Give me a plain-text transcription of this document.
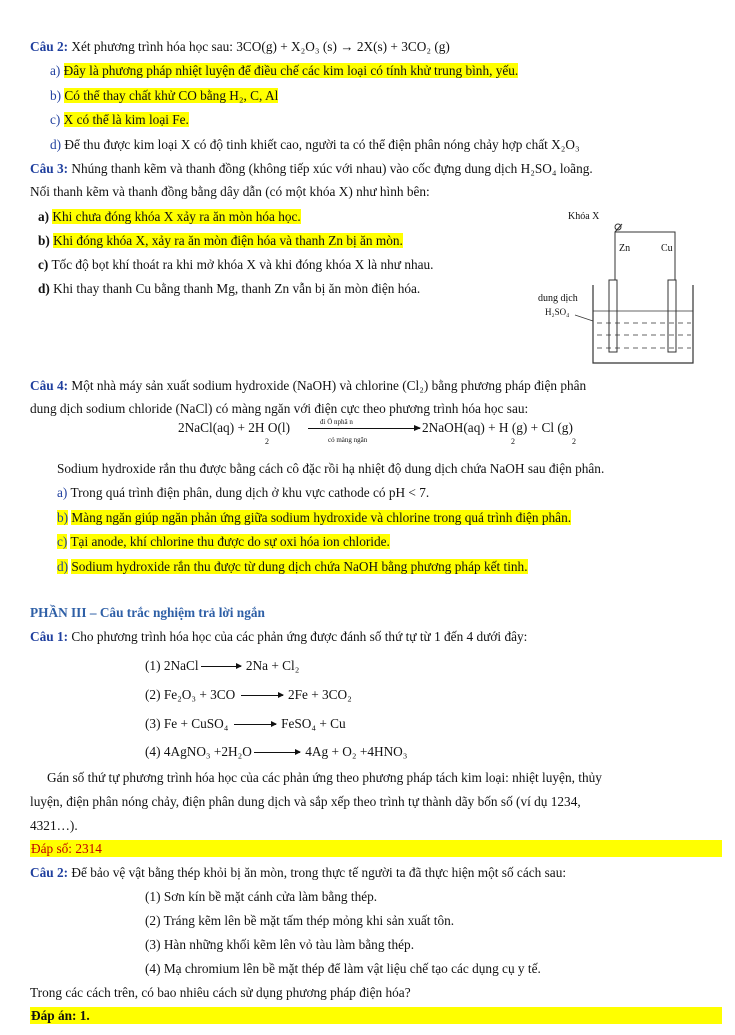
Câu 2: Xét phương trình hóa học sau: 3CO(g) + X₂O₃ (s) → 2X(s) + 3CO₂ (g)
a) Đây là phương pháp nhiệt luyện để điều chế các kim loại có tính khử trung bình, yếu.
b) Có thể thay chất khử CO bằng H₂, C, Al
c) X có thể là kim loại Fe.
d) Để thu được kim loại X có độ tinh khiết cao, người ta có thể điện phân nóng chảy hợp chất X₂O₃
Câu 3: Nhúng thanh kẽm và thanh đồng (không tiếp xúc với nhau) vào cốc đựng dung dịch H₂SO₄ loãng.
Nối thanh kẽm và thanh đồng bằng dây dẫn (có một khóa X) như hình bên:
a) Khi chưa đóng khóa X xảy ra ăn mòn hóa học.
b) Khi đóng khóa X, xảy ra ăn mòn điện hóa và thanh Zn bị ăn mòn.
c) Tốc độ bọt khí thoát ra khi mở khóa X và khi đóng khóa X là như nhau.
d) Khi thay thanh Cu bằng thanh Mg, thanh Zn vẫn bị ăn mòn điện hóa.
Khóa X
Zn	Cu
dung dịch
H₂SO₄
Câu 4: Một nhà máy sản xuất sodium hydroxide (NaOH) và chlorine (Cl₂) bằng phương pháp điện phân
dung dịch sodium chloride (NaCl) có màng ngăn với điện cực theo phương trình hóa học sau:
2NaCl(aq) + 2H O(l)
2
đi Ö nphâ n
có màng ngăn
2NaOH(aq) + H (g) + Cl (g)
2	2
Sodium hydroxide rắn thu được bằng cách cô đặc rồi hạ nhiệt độ dung dịch chứa NaOH sau điện phân.
a) Trong quá trình điện phân, dung dịch ở khu vực cathode có pH < 7.
b) Màng ngăn giúp ngăn phản ứng giữa sodium hydroxide và chlorine trong quá trình điện phân.
c) Tại anode, khí chlorine thu được do sự oxi hóa ion chloride.
d) Sodium hydroxide rắn thu được từ dung dịch chứa NaOH bằng phương pháp kết tinh.
PHẦN III – Câu trắc nghiệm trả lời ngắn
Câu 1: Cho phương trình hóa học của các phản ứng được đánh số thứ tự từ 1 đến 4 dưới đây:
(1) 2NaCl → 2Na + Cl₂
(2) Fe₂O₃ + 3CO → 2Fe + 3CO₂
(3) Fe + CuSO₄ → FeSO₄ + Cu
(4) 4AgNO₃ +2H₂O → 4Ag + O₂ +4HNO₃
Gán số thứ tự phương trình hóa học của các phản ứng theo phương pháp tách kim loại: nhiệt luyện, thủy
luyện, điện phân nóng chảy, điện phân dung dịch và sắp xếp theo trình tự thành dãy bốn số (ví dụ 1234,
4321…).
Đáp số: 2314
Câu 2: Để bảo vệ vật bằng thép khỏi bị ăn mòn, trong thực tế người ta đã thực hiện một số cách sau:
(1) Sơn kín bề mặt cánh cửa làm bằng thép.
(2) Tráng kẽm lên bề mặt tấm thép mỏng khi sản xuất tôn.
(3) Hàn những khối kẽm lên vỏ tàu làm bằng thép.
(4) Mạ chromium lên bề mặt thép để làm vật liệu chế tạo các dụng cụ y tế.
Trong các cách trên, có bao nhiêu cách sử dụng phương pháp điện hóa?
Đáp án: 1.
